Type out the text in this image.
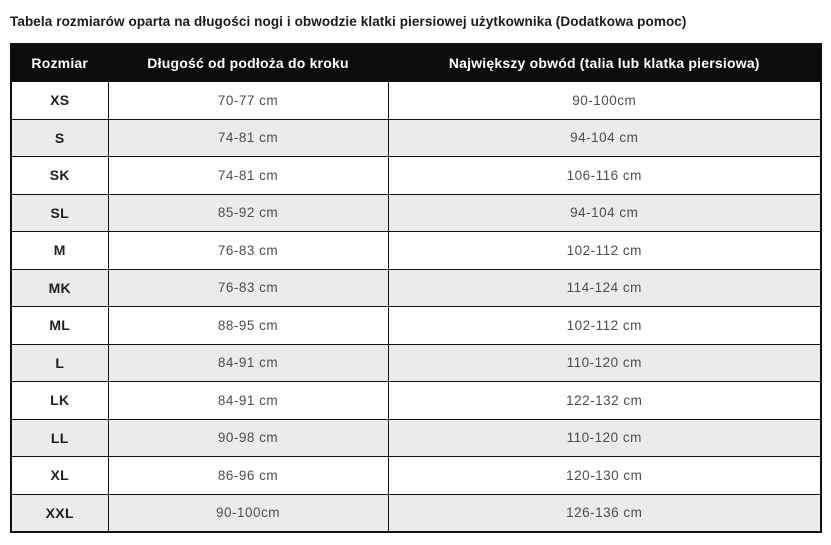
Tabela rozmiarów oparta na długości nogi i obwodzie klatki piersiowej użytkownika (Dodatkowa pomoc)

Rozmiar	Długość od podłoża do kroku	Największy obwód (talia lub klatka piersiowa)
XS	70-77 cm	90-100cm
S	74-81 cm	94-104 cm
SK	74-81 cm	106-116 cm
SL	85-92 cm	94-104 cm
M	76-83 cm	102-112 cm
MK	76-83 cm	114-124 cm
ML	88-95 cm	102-112 cm
L	84-91 cm	110-120 cm
LK	84-91 cm	122-132 cm
LL	90-98 cm	110-120 cm
XL	86-96 cm	120-130 cm
XXL	90-100cm	126-136 cm
